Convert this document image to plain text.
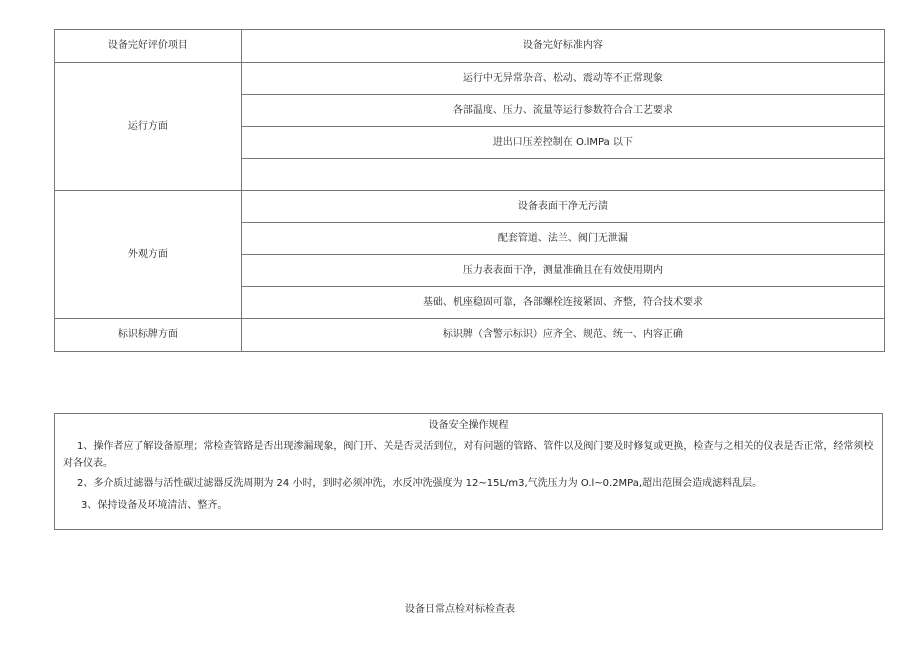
设备完好评价项目	设备完好标准内容
运行方面	运行中无异常杂音、松动、震动等不正常现象
	各部温度、压力、流量等运行参数符合合工艺要求
	进出口压差控制在 O.lMPa 以下

外观方面	设备表面干净无污渍
	配套管道、法兰、阀门无泄漏
	压力表表面干净，测量准确且在有效使用期内
	基础、机座稳固可靠，各部螺栓连接紧固、齐整，符合技术要求
标识标牌方面	标识牌（含警示标识）应齐全、规范、统一、内容正确
设备安全操作规程

1、操作者应了解设备原理；常检查管路是否出现渗漏现象，阀门开、关是否灵活到位，对有问题的管路、管件以及阀门要及时修复或更换，检查与之相关的仪表是否正常，经常须校对各仪表。

2、多介质过滤器与活性碳过滤器反洗周期为 24 小时，到时必须冲洗，水反冲洗强度为 12~15L/m3,气洗压力为 O.l~0.2MPa,超出范围会造成滤料乱层。

3、保持设备及环境清洁、整齐。

设备日常点检对标检查表
